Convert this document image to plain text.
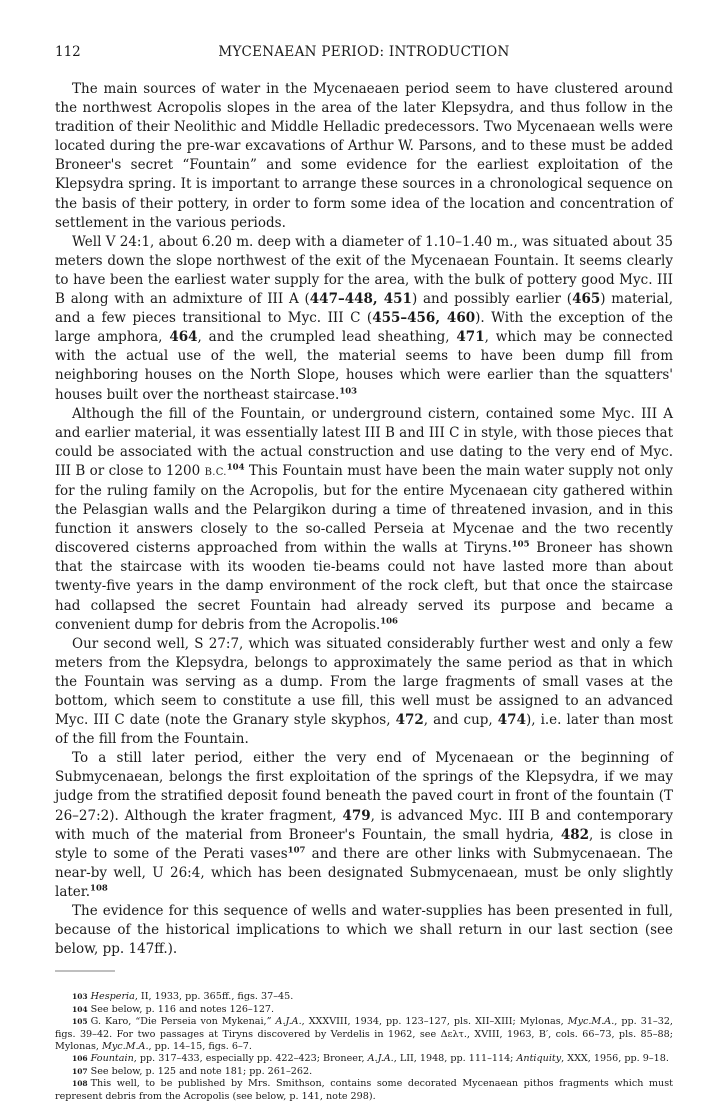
112	MYCENAEAN PERIOD: INTRODUCTION

The main sources of water in the Mycenaeaen period seem to have clustered around the northwest Acropolis slopes in the area of the later Klepsydra, and thus follow in the tradition of their Neolithic and Middle Helladic predecessors. Two Mycenaean wells were located during the pre-war excavations of Arthur W. Parsons, and to these must be added Broneer's secret “Fountain” and some evidence for the earliest exploitation of the Klepsydra spring. It is important to arrange these sources in a chronological sequence on the basis of their pottery, in order to form some idea of the location and concentration of settlement in the various periods.

Well V 24:1, about 6.20 m. deep with a diameter of 1.10–1.40 m., was situated about 35 meters down the slope northwest of the exit of the Mycenaean Fountain. It seems clearly to have been the earliest water supply for the area, with the bulk of pottery good Myc. III B along with an admixture of III A (447–448, 451) and possibly earlier (465) material, and a few pieces transitional to Myc. III C (455–456, 460). With the exception of the large amphora, 464, and the crumpled lead sheathing, 471, which may be connected with the actual use of the well, the material seems to have been dump fill from neighboring houses on the North Slope, houses which were earlier than the squatters' houses built over the northeast staircase.$^{103}$

Although the fill of the Fountain, or underground cistern, contained some Myc. III A and earlier material, it was essentially latest III B and III C in style, with those pieces that could be associated with the actual construction and use dating to the very end of Myc. III B or close to 1200 B.C.$^{104}$ This Fountain must have been the main water supply not only for the ruling family on the Acropolis, but for the entire Mycenaean city gathered within the Pelasgian walls and the Pelargikon during a time of threatened invasion, and in this function it answers closely to the so-called Perseia at Mycenae and the two recently discovered cisterns approached from within the walls at Tiryns.$^{105}$ Broneer has shown that the staircase with its wooden tie-beams could not have lasted more than about twenty-five years in the damp environment of the rock cleft, but that once the staircase had collapsed the secret Fountain had already served its purpose and became a convenient dump for debris from the Acropolis.$^{106}$

Our second well, S 27:7, which was situated considerably further west and only a few meters from the Klepsydra, belongs to approximately the same period as that in which the Fountain was serving as a dump. From the large fragments of small vases at the bottom, which seem to constitute a use fill, this well must be assigned to an advanced Myc. III C date (note the Granary style skyphos, 472, and cup, 474), i.e. later than most of the fill from the Fountain.

To a still later period, either the very end of Mycenaean or the beginning of Submycenaean, belongs the first exploitation of the springs of the Klepsydra, if we may judge from the stratified deposit found beneath the paved court in front of the fountain (T 26–27:2). Although the krater fragment, 479, is advanced Myc. III B and contemporary with much of the material from Broneer's Fountain, the small hydria, 482, is close in style to some of the Perati vases$^{107}$ and there are other links with Submycenaean. The near-by well, U 26:4, which has been designated Submycenaean, must be only slightly later.$^{108}$

The evidence for this sequence of wells and water-supplies has been presented in full, because of the historical implications to which we shall return in our last section (see below, pp. 147ff.).

103 Hesperia, II, 1933, pp. 365ff., figs. 37–45.

104 See below, p. 116 and notes 126–127.

105 G. Karo, “Die Perseia von Mykenai,” A.J.A., XXXVIII, 1934, pp. 123–127, pls. XII–XIII; Mylonas, Myc.M.A., pp. 31–32, figs. 39–42. For two passages at Tiryns discovered by Verdelis in 1962, see Δελτ., XVIII, 1963, B′, cols. 66–73, pls. 85–88; Mylonas, Myc.M.A., pp. 14–15, figs. 6–7.

106 Fountain, pp. 317–433, especially pp. 422–423; Broneer, A.J.A., LII, 1948, pp. 111–114; Antiquity, XXX, 1956, pp. 9–18.

107 See below, p. 125 and note 181; pp. 261–262.

108 This well, to be published by Mrs. Smithson, contains some decorated Mycenaean pithos fragments which must represent debris from the Acropolis (see below, p. 141, note 298).
